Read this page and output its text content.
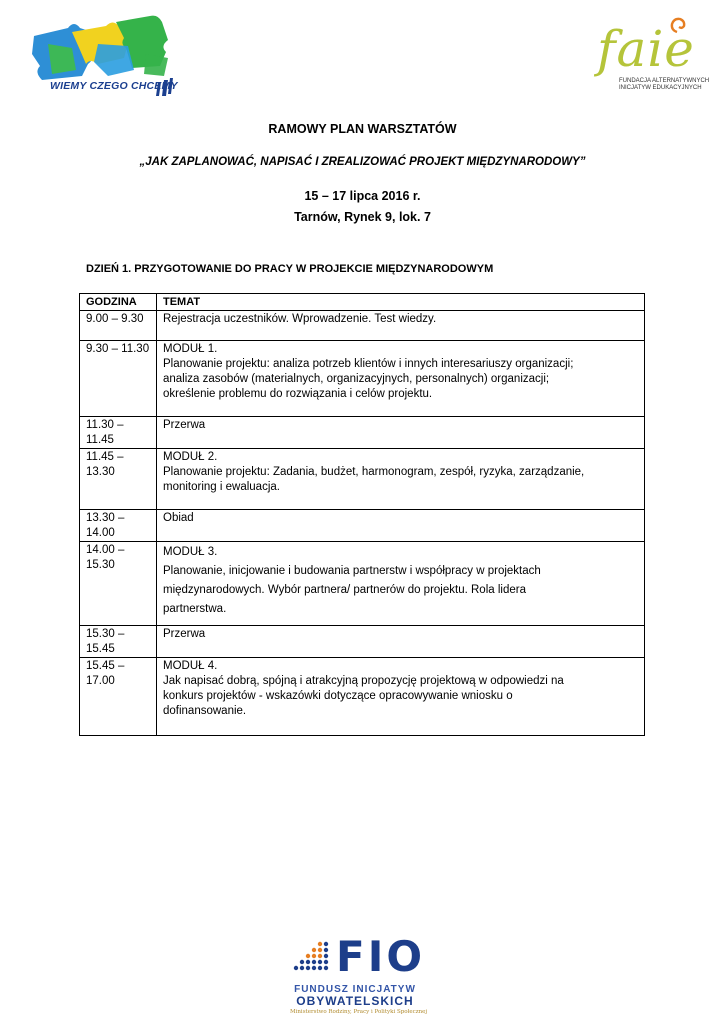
WIEMY CZEGO CHCEMY
faie
FUNDACJA ALTERNATYWNYCH
INICJATYW EDUKACYJNYCH
RAMOWY PLAN WARSZTATÓW
„JAK ZAPLANOWAĆ, NAPISAĆ I ZREALIZOWAĆ PROJEKT MIĘDZYNARODOWY”
15 – 17 lipca 2016 r.
Tarnów, Rynek 9, lok. 7
DZIEŃ 1. PRZYGOTOWANIE DO PRACY W PROJEKCIE MIĘDZYNARODOWYM
GODZINA	TEMAT
9.00 – 9.30	Rejestracja uczestników. Wprowadzenie. Test wiedzy.
9.30 – 11.30	MODUŁ 1.
Planowanie projektu: analiza potrzeb klientów i innych interesariuszy organizacji;
analiza zasobów (materialnych, organizacyjnych, personalnych) organizacji;
określenie problemu do rozwiązania i celów projektu.
11.30 – 11.45	Przerwa
11.45 – 13.30	MODUŁ 2.
Planowanie projektu: Zadania, budżet, harmonogram, zespół, ryzyka, zarządzanie,
monitoring i ewaluacja.
13.30 – 14.00	Obiad
14.00 – 15.30	MODUŁ 3.
Planowanie, inicjowanie i budowania partnerstw i współpracy w projektach
międzynarodowych. Wybór partnera/ partnerów do projektu. Rola lidera
partnerstwa.
15.30 – 15.45	Przerwa
15.45 – 17.00	MODUŁ 4.
Jak napisać dobrą, spójną i atrakcyjną propozycję projektową w odpowiedzi na
konkurs projektów - wskazówki dotyczące opracowywanie wniosku o
dofinansowanie.
FIO
FUNDUSZ INICJATYW
OBYWATELSKICH
Ministerstwo Rodziny, Pracy i Polityki Społecznej
